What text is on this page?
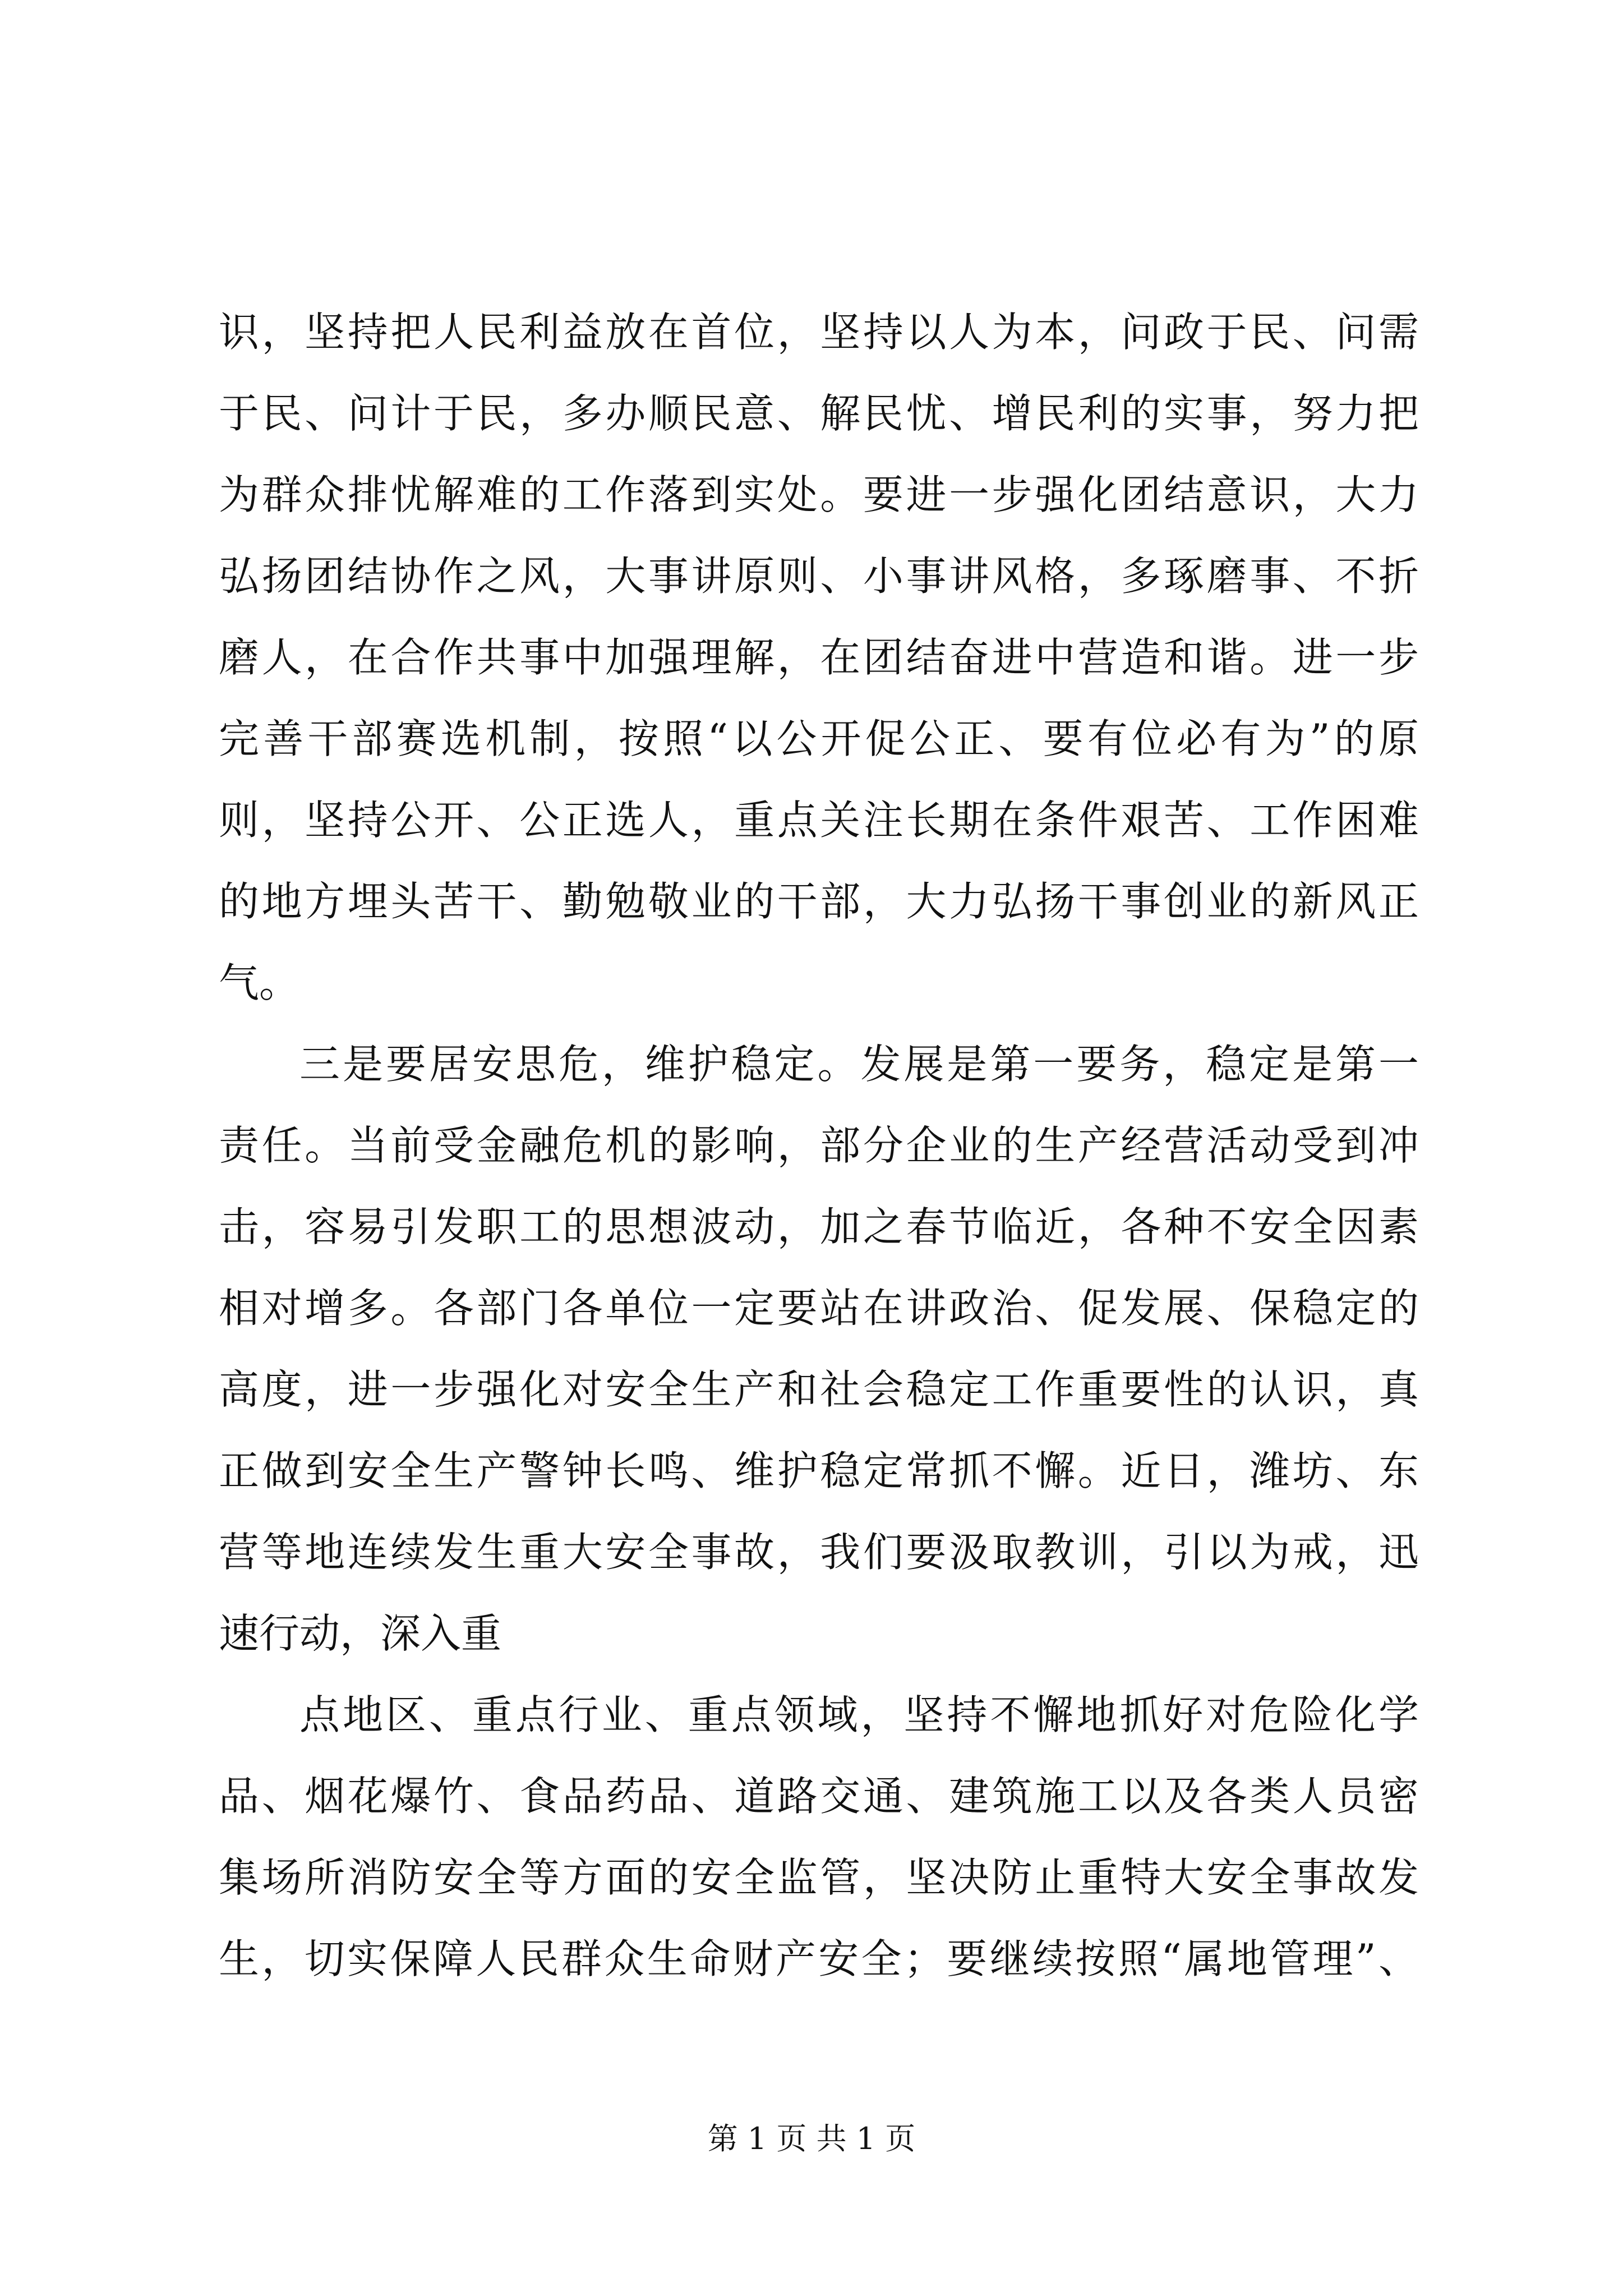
识，坚持把人民利益放在首位，坚持以人为本，问政于民、问需
于民、问计于民，多办顺民意、解民忧、增民利的实事，努力把
为群众排忧解难的工作落到实处。要进一步强化团结意识，大力
弘扬团结协作之风，大事讲原则、小事讲风格，多琢磨事、不折
磨人，在合作共事中加强理解，在团结奋进中营造和谐。进一步
完善干部赛选机制，按照“以公开促公正、要有位必有为”的原
则，坚持公开、公正选人，重点关注长期在条件艰苦、工作困难
的地方埋头苦干、勤勉敬业的干部，大力弘扬干事创业的新风正
气。
三是要居安思危，维护稳定。发展是第一要务，稳定是第一
责任。当前受金融危机的影响，部分企业的生产经营活动受到冲
击，容易引发职工的思想波动，加之春节临近，各种不安全因素
相对增多。各部门各单位一定要站在讲政治、促发展、保稳定的
高度，进一步强化对安全生产和社会稳定工作重要性的认识，真
正做到安全生产警钟长鸣、维护稳定常抓不懈。近日，潍坊、东
营等地连续发生重大安全事故，我们要汲取教训，引以为戒，迅
速行动，深入重
点地区、重点行业、重点领域，坚持不懈地抓好对危险化学
品、烟花爆竹、食品药品、道路交通、建筑施工以及各类人员密
集场所消防安全等方面的安全监管，坚决防止重特大安全事故发
生，切实保障人民群众生命财产安全；要继续按照“属地管理”、
第 1 页 共 1 页
